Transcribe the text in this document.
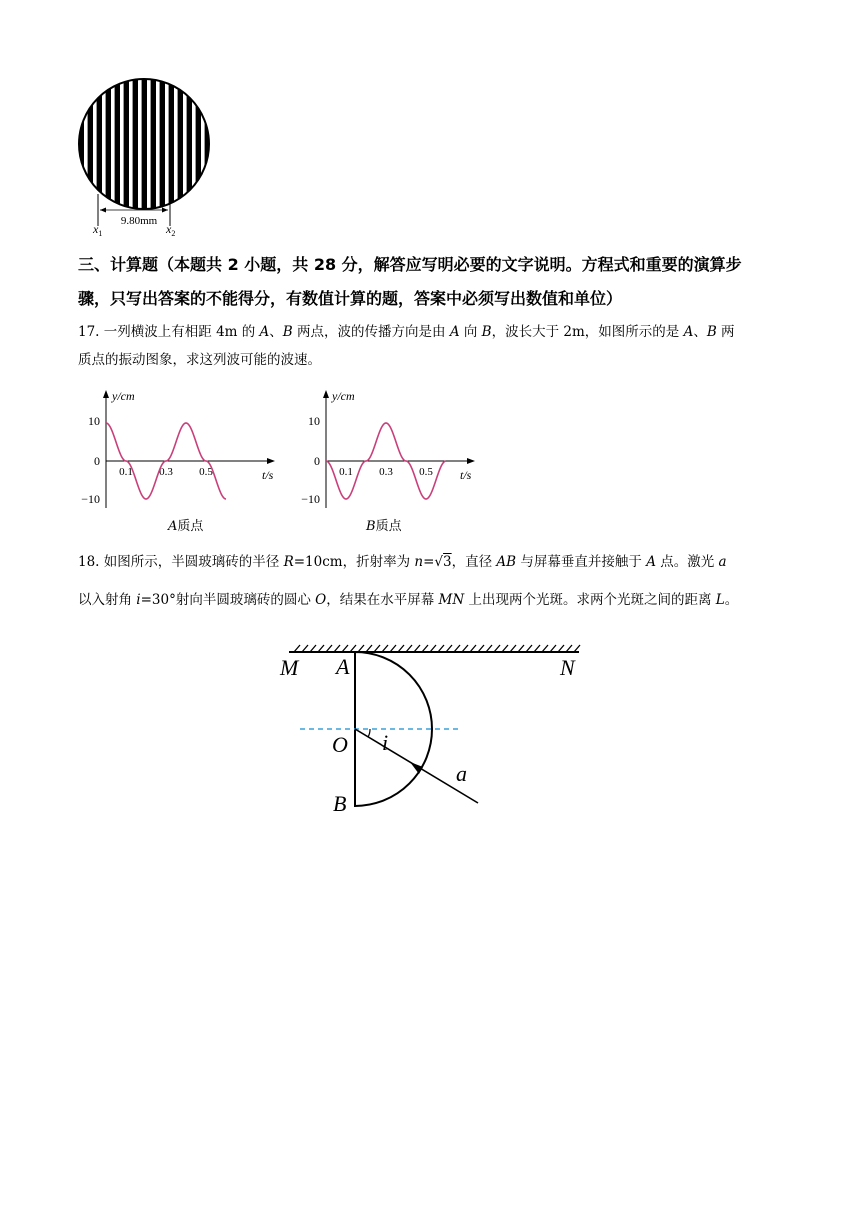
9.80mm
$x_1$	$x_2$
三、计算题（本题共 2 小题，共 28 分，解答应写明必要的文字说明。方程式和重要的演算步
骤，只写出答案的不能得分，有数值计算的题，答案中必须写出数值和单位）
17. 一列横波上有相距 4m 的 A、B 两点，波的传播方向是由 A 向 B，波长大于 2m，如图所示的是 A、B 两
质点的振动图象，求这列波可能的波速。
y/cm
t/s
10
0
−10
0.1 0.3 0.5
A质点
y/cm
t/s
10
0
−10
0.1 0.3 0.5
B质点
18. 如图所示，半圆玻璃砖的半径 R=10cm，折射率为 n=√3，直径 AB 与屏幕垂直并接触于 A 点。激光 a
以入射角 i=30°射向半圆玻璃砖的圆心 O，结果在水平屏幕 MN 上出现两个光斑。求两个光斑之间的距离 L。
M A	N
O i
a
B
